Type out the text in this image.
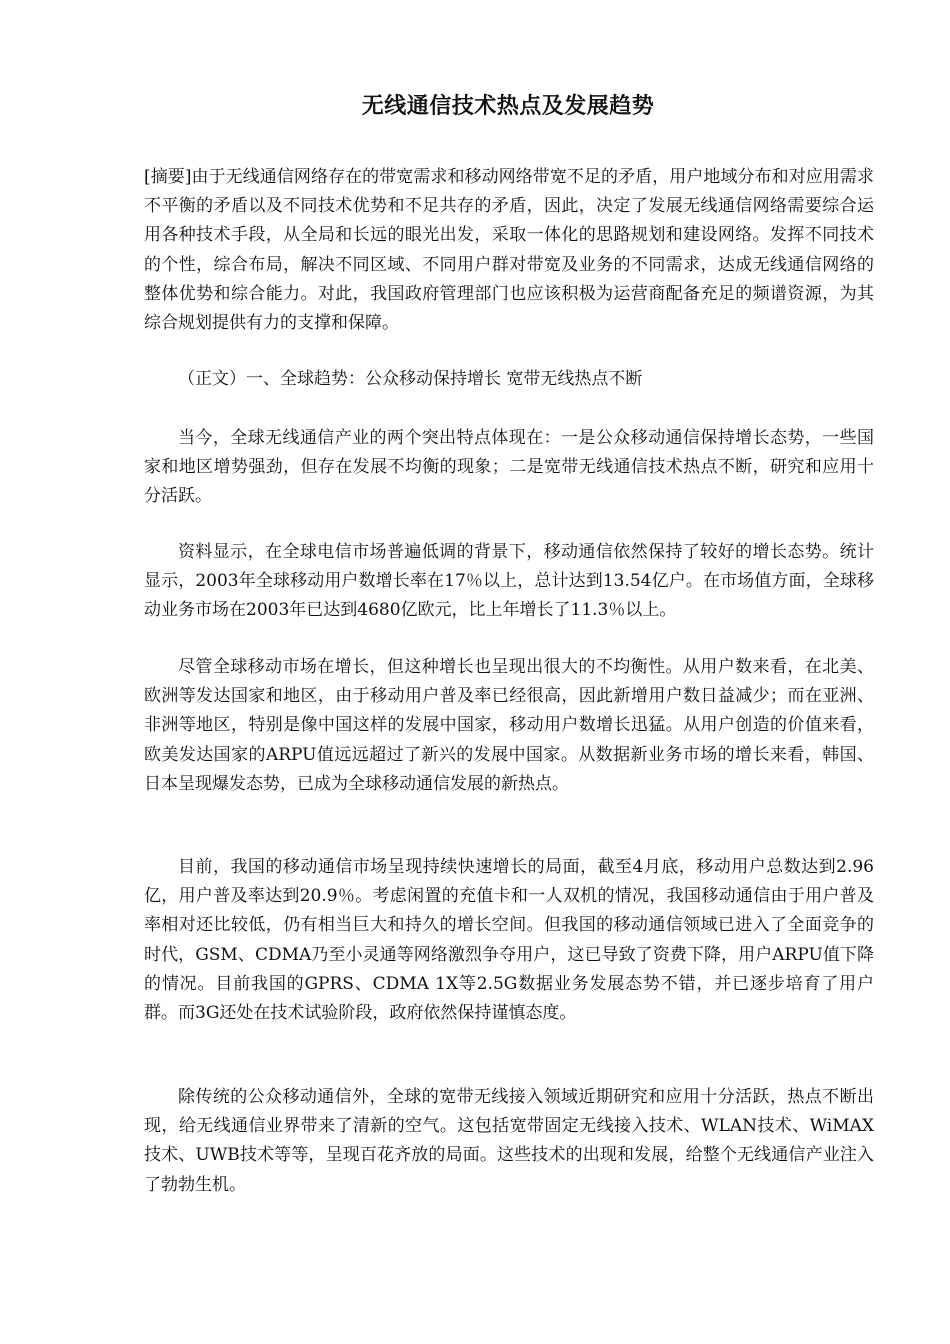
无线通信技术热点及发展趋势

[摘要]由于无线通信网络存在的带宽需求和移动网络带宽不足的矛盾，用户地域分布和对应用需求不平衡的矛盾以及不同技术优势和不足共存的矛盾，因此，决定了发展无线通信网络需要综合运用各种技术手段，从全局和长远的眼光出发，采取一体化的思路规划和建设网络。发挥不同技术的个性，综合布局，解决不同区域、不同用户群对带宽及业务的不同需求，达成无线通信网络的整体优势和综合能力。对此，我国政府管理部门也应该积极为运营商配备充足的频谱资源，为其综合规划提供有力的支撑和保障。

（正文）一、全球趋势：公众移动保持增长 宽带无线热点不断

当今，全球无线通信产业的两个突出特点体现在：一是公众移动通信保持增长态势，一些国家和地区增势强劲，但存在发展不均衡的现象；二是宽带无线通信技术热点不断，研究和应用十分活跃。

资料显示，在全球电信市场普遍低调的背景下，移动通信依然保持了较好的增长态势。统计显示，2003年全球移动用户数增长率在17％以上，总计达到13.54亿户。在市场值方面，全球移动业务市场在2003年已达到4680亿欧元，比上年增长了11.3％以上。

尽管全球移动市场在增长，但这种增长也呈现出很大的不均衡性。从用户数来看，在北美、欧洲等发达国家和地区，由于移动用户普及率已经很高，因此新增用户数日益减少；而在亚洲、非洲等地区，特别是像中国这样的发展中国家，移动用户数增长迅猛。从用户创造的价值来看，欧美发达国家的ARPU值远远超过了新兴的发展中国家。从数据新业务市场的增长来看，韩国、日本呈现爆发态势，已成为全球移动通信发展的新热点。

目前，我国的移动通信市场呈现持续快速增长的局面，截至4月底，移动用户总数达到2.96亿，用户普及率达到20.9％。考虑闲置的充值卡和一人双机的情况，我国移动通信由于用户普及率相对还比较低，仍有相当巨大和持久的增长空间。但我国的移动通信领域已进入了全面竞争的时代，GSM、CDMA乃至小灵通等网络激烈争夺用户，这已导致了资费下降，用户ARPU值下降的情况。目前我国的GPRS、CDMA 1X等2.5G数据业务发展态势不错，并已逐步培育了用户群。而3G还处在技术试验阶段，政府依然保持谨慎态度。

除传统的公众移动通信外，全球的宽带无线接入领域近期研究和应用十分活跃，热点不断出现，给无线通信业界带来了清新的空气。这包括宽带固定无线接入技术、WLAN技术、WiMAX技术、UWB技术等等，呈现百花齐放的局面。这些技术的出现和发展，给整个无线通信产业注入了勃勃生机。
